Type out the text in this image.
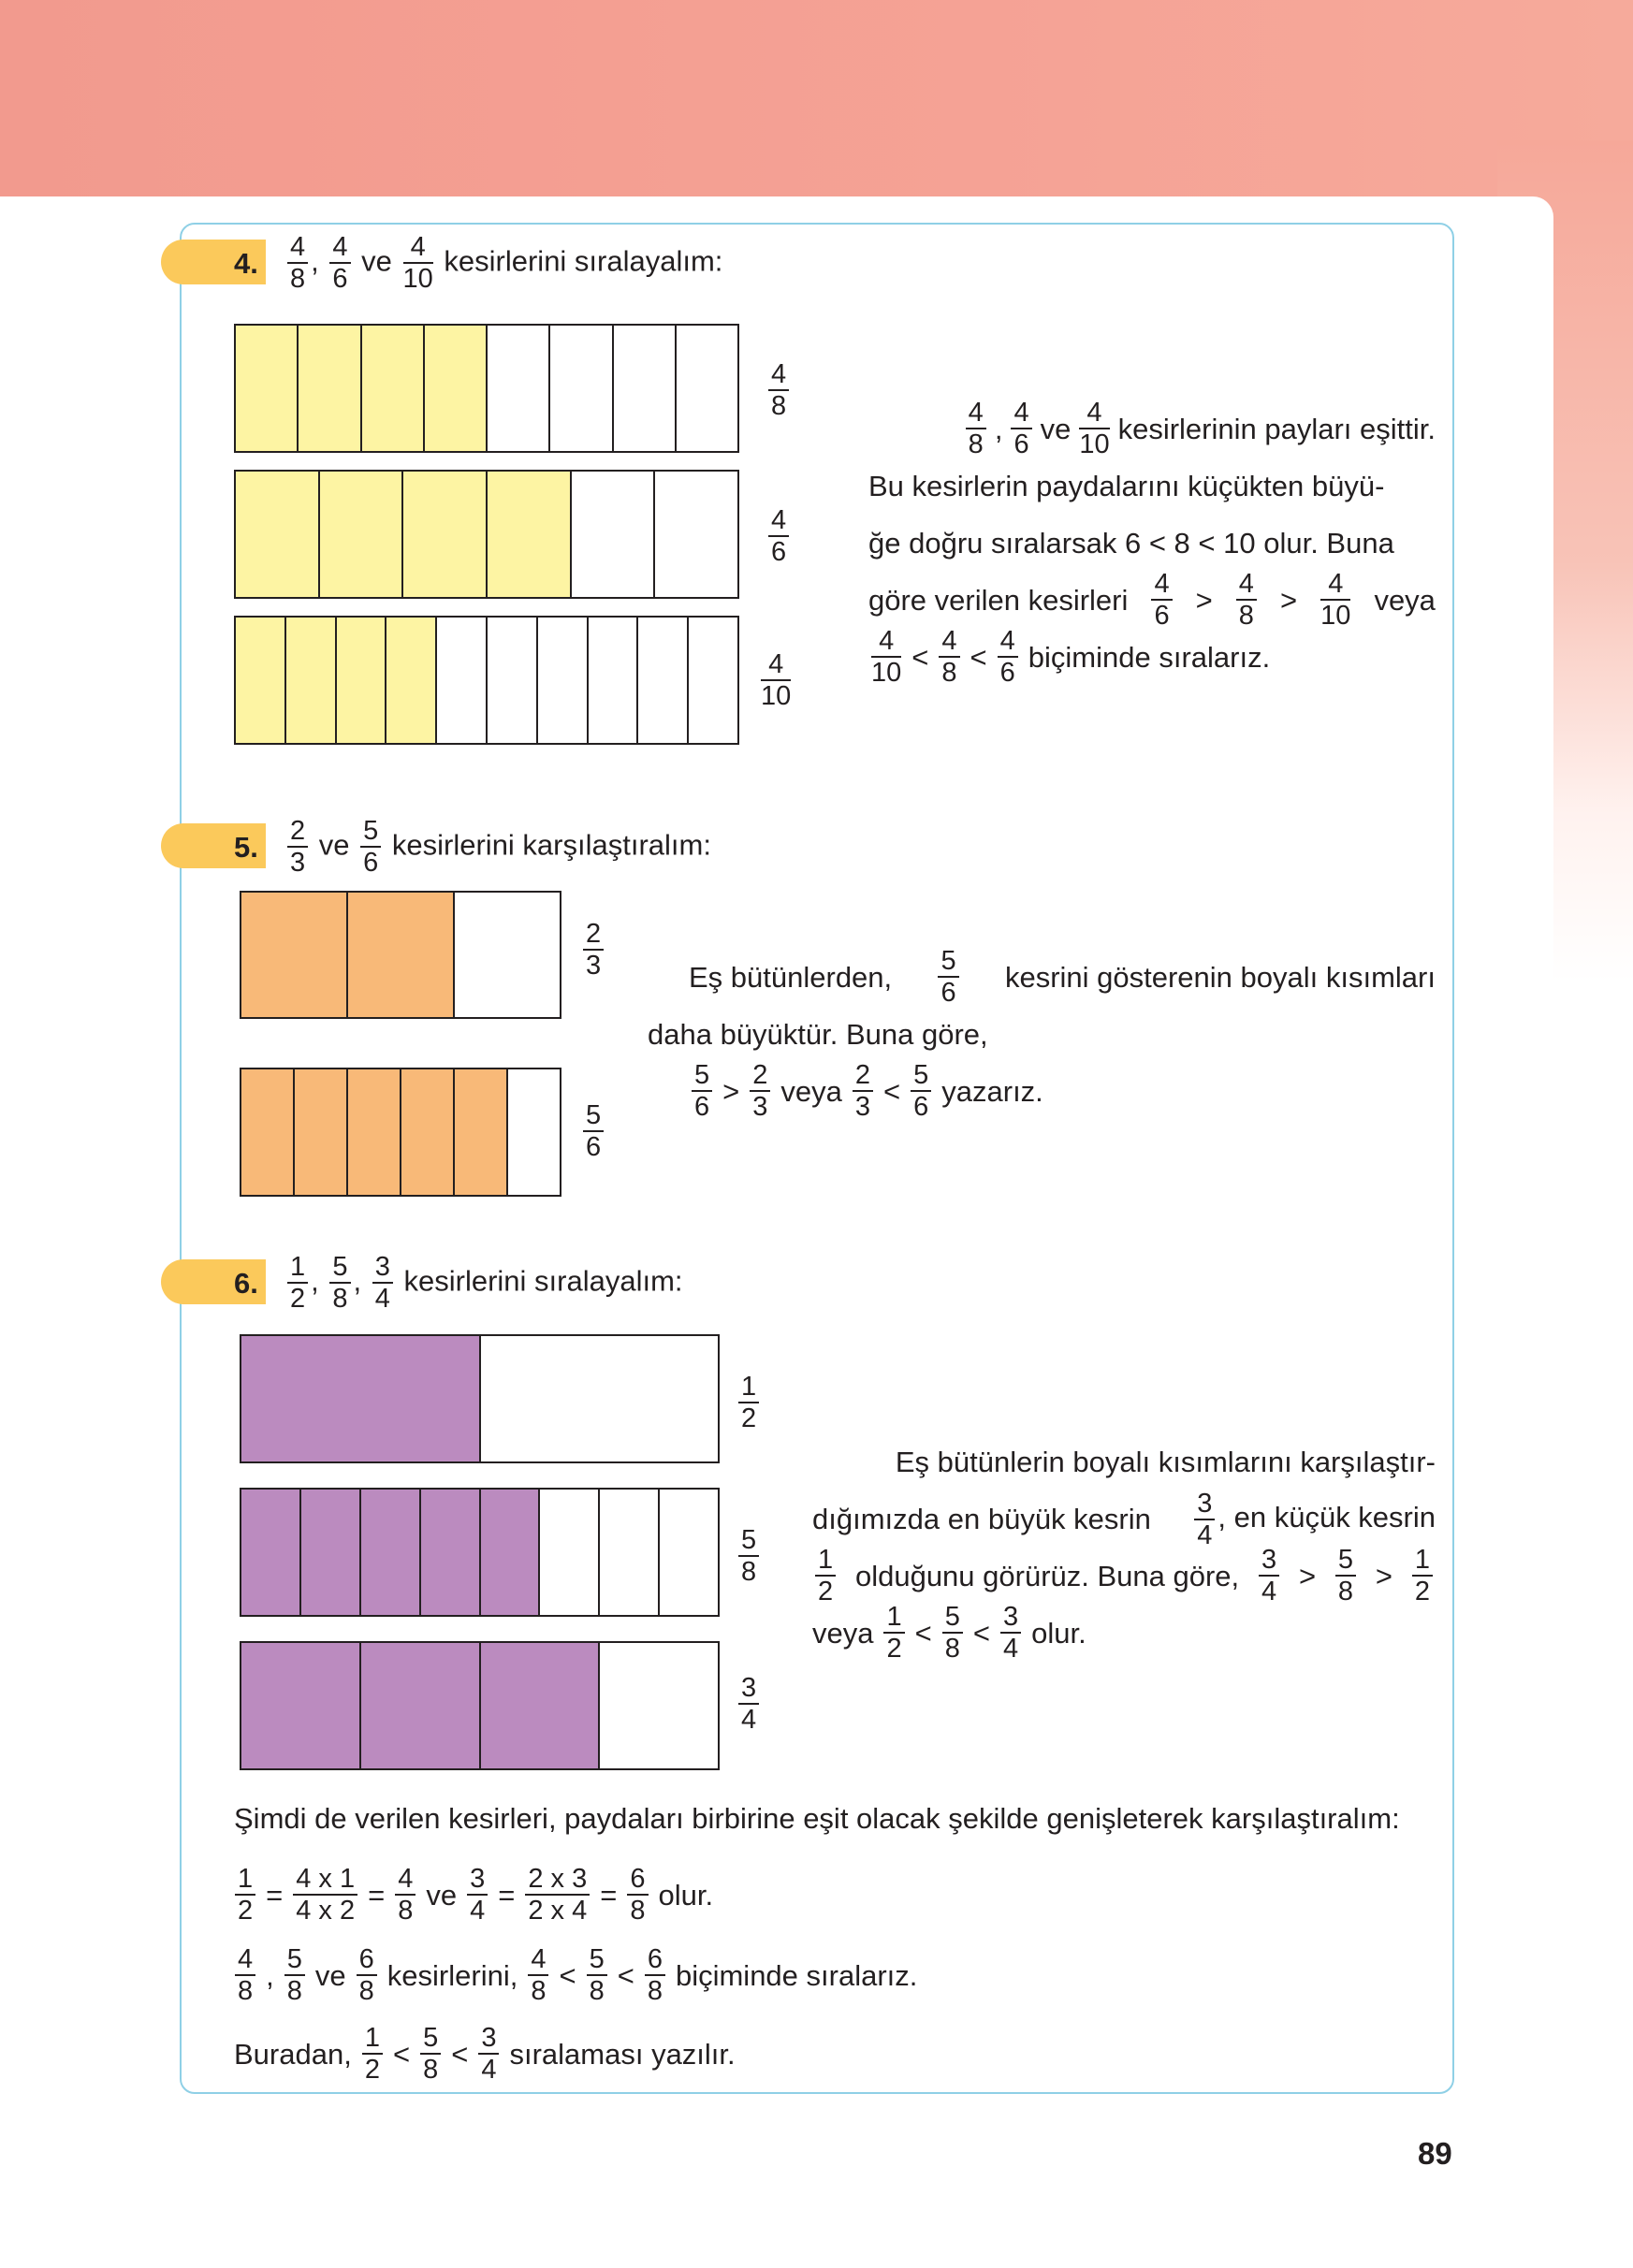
4. $\frac{4}{8}$ , $\frac{4}{6}$ ve $\frac{4}{10}$ kesirlerini sıralayalım:
$\frac{4}{8}$
$\frac{4}{6}$
$\frac{4}{10}$
4
8 , 4
6 ve 4
10 kesirlerinin payları eşittir.
Bu kesirlerin paydalarını küçükten büyü-
ğe doğru sıralarsak 6 < 8 < 10 olur. Buna
göre verilen kesirleri 4
6 > 4
8 > 4
10 veya
4
10 < 4
8 < 4
6 biçiminde sıralarız.
5. $\frac{2}{3}$ ve $\frac{5}{6}$ kesirlerini karşılaştıralım:
$\frac{2}{3}$
$\frac{5}{6}$
Eş bütünlerden, 5
6 kesrini gösterenin boyalı kısımları
daha büyüktür. Buna göre,
5
6 > 2
3 veya 2
3 < 5
6 yazarız.
6. $\frac{1}{2}$ , $\frac{5}{8}$ , $\frac{3}{4}$ kesirlerini sıralayalım:
$\frac{1}{2}$
$\frac{5}{8}$
$\frac{3}{4}$
Eş bütünlerin boyalı kısımlarını karşılaştır-
dığımızda en büyük kesrin $\frac{3}{4}$ , en küçük kesrin
1
2 olduğunu görürüz. Buna göre, 3
4 > 5
8 > 1
2
veya 1
2 < 5
8 < 3
4 olur.
Şimdi de verilen kesirleri, paydaları birbirine eşit olacak şekilde genişleterek karşılaştıralım:
$\frac{1}{2} = \frac{4 x 1}{4 x 2} = \frac{4}{8}$ ve $\frac{3}{4} = \frac{2 x 3}{2 x 4} = \frac{6}{8}$ olur.
4
8 , 5
8 ve 6
8 kesirlerini, 4
8 < 5
8 < 6
8 biçiminde sıralarız.
Buradan, 1
2 < 5
8 < 3
4 sıralaması yazılır.
89
